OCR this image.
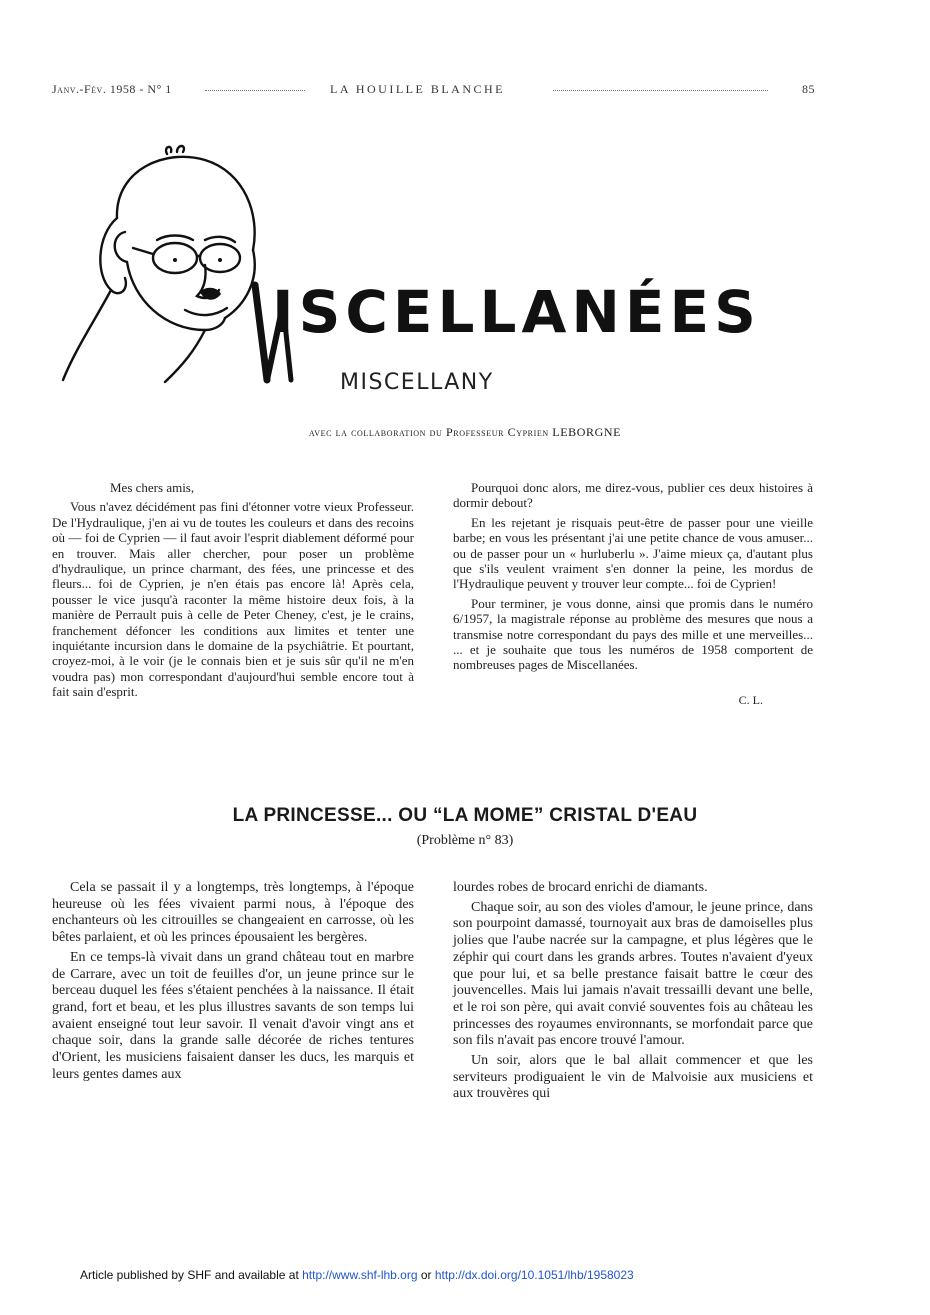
Janv.-Fév. 1958 - N° 1	LA HOUILLE BLANCHE	85
ISCELLANÉES
MISCELLANY
avec la collaboration du Professeur Cyprien LEBORGNE

Mes chers amis,

Vous n'avez décidément pas fini d'étonner votre vieux Professeur. De l'Hydraulique, j'en ai vu de toutes les couleurs et dans des recoins où — foi de Cyprien — il faut avoir l'esprit diablement déformé pour en trouver. Mais aller chercher, pour poser un problème d'hydraulique, un prince charmant, des fées, une princesse et des fleurs... foi de Cyprien, je n'en étais pas encore là! Après cela, pousser le vice jusqu'à raconter la même histoire deux fois, à la manière de Perrault puis à celle de Peter Cheney, c'est, je le crains, franchement défoncer les conditions aux limites et tenter une inquiétante incursion dans le domaine de la psychiâtrie. Et pourtant, croyez-moi, à le voir (je le connais bien et je suis sûr qu'il ne m'en voudra pas) mon correspondant d'aujourd'hui semble encore tout à fait sain d'esprit.

Pourquoi donc alors, me direz-vous, publier ces deux histoires à dormir debout?

En les rejetant je risquais peut-être de passer pour une vieille barbe; en vous les présentant j'ai une petite chance de vous amuser... ou de passer pour un « hurluberlu ». J'aime mieux ça, d'autant plus que s'ils veulent vraiment s'en donner la peine, les mordus de l'Hydraulique peuvent y trouver leur compte... foi de Cyprien!

Pour terminer, je vous donne, ainsi que promis dans le numéro 6/1957, la magistrale réponse au problème des mesures que nous a transmise notre correspondant du pays des mille et une merveilles... ... et je souhaite que tous les numéros de 1958 comportent de nombreuses pages de Miscellanées.

C. L.
LA PRINCESSE... OU “LA MOME” CRISTAL D'EAU
(Problème n° 83)

Cela se passait il y a longtemps, très longtemps, à l'époque heureuse où les fées vivaient parmi nous, à l'époque des enchanteurs où les citrouilles se changeaient en carrosse, où les bêtes parlaient, et où les princes épousaient les bergères.

En ce temps-là vivait dans un grand château tout en marbre de Carrare, avec un toit de feuilles d'or, un jeune prince sur le berceau duquel les fées s'étaient penchées à la naissance. Il était grand, fort et beau, et les plus illustres savants de son temps lui avaient enseigné tout leur savoir. Il venait d'avoir vingt ans et chaque soir, dans la grande salle décorée de riches tentures d'Orient, les musiciens faisaient danser les ducs, les marquis et leurs gentes dames aux

lourdes robes de brocard enrichi de diamants.

Chaque soir, au son des violes d'amour, le jeune prince, dans son pourpoint damassé, tournoyait aux bras de damoiselles plus jolies que l'aube nacrée sur la campagne, et plus légères que le zéphir qui court dans les grands arbres. Toutes n'avaient d'yeux que pour lui, et sa belle prestance faisait battre le cœur des jouvencelles. Mais lui jamais n'avait tressailli devant une belle, et le roi son père, qui avait convié souventes fois au château les princesses des royaumes environnants, se morfondait parce que son fils n'avait pas encore trouvé l'amour.

Un soir, alors que le bal allait commencer et que les serviteurs prodiguaient le vin de Malvoisie aux musiciens et aux trouvères qui

Article published by SHF and available at http://www.shf-lhb.org or http://dx.doi.org/10.1051/lhb/1958023
